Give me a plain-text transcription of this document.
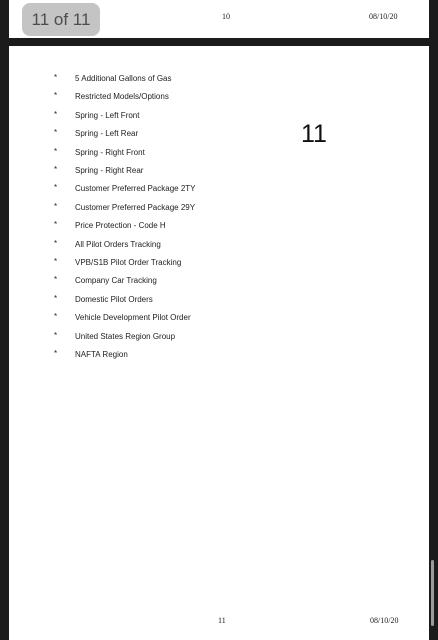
10	08/10/20
11 of 11
* 5 Additional Gallons of Gas
* Restricted Models/Options
* Spring - Left Front
* Spring - Left Rear
* Spring - Right Front
* Spring - Right Rear
* Customer Preferred Package 2TY
* Customer Preferred Package 29Y
* Price Protection - Code H
* All Pilot Orders Tracking
* VPB/S1B Pilot Order Tracking
* Company Car Tracking
* Domestic Pilot Orders
* Vehicle Development Pilot Order
* United States Region Group
* NAFTA Region
11
11	08/10/20
